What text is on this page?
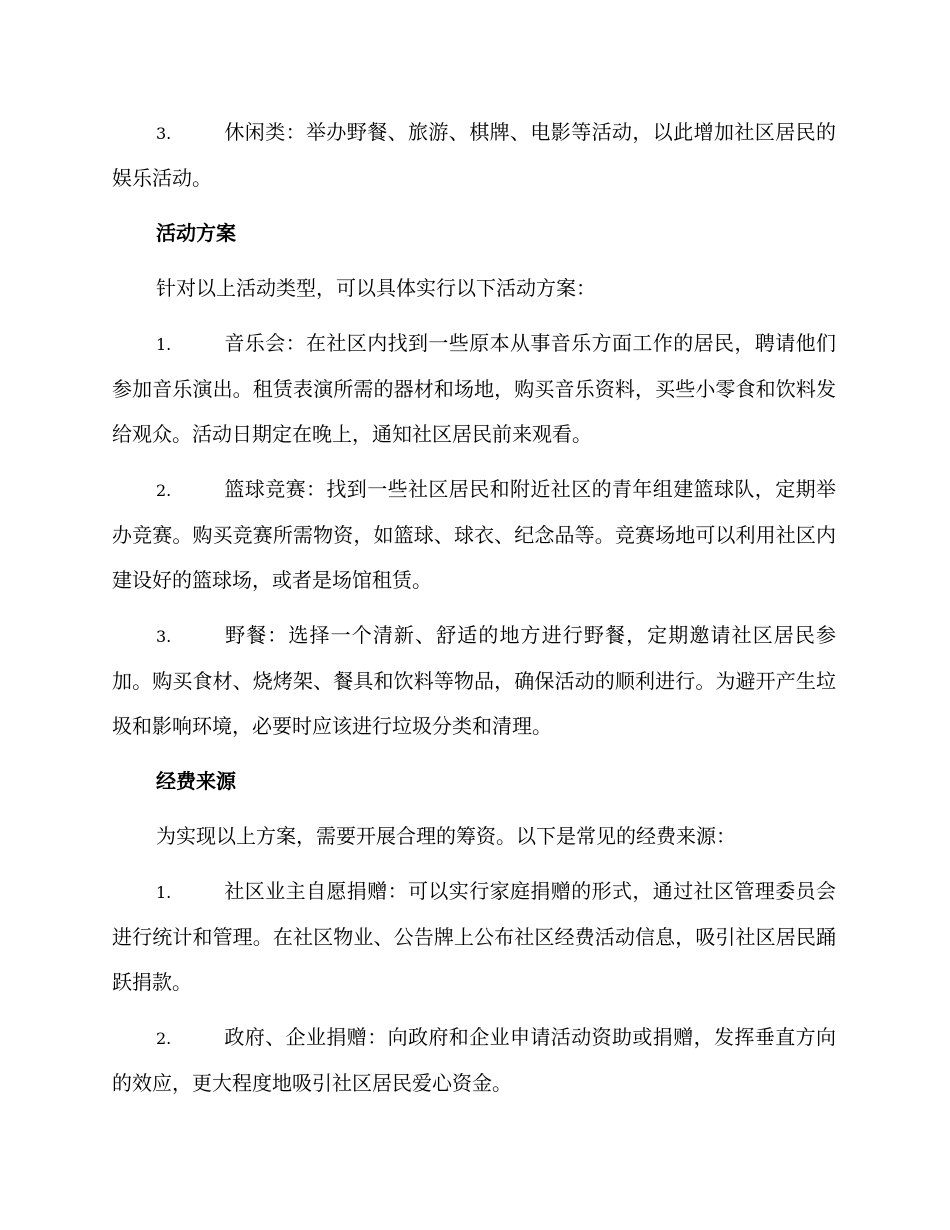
3.	休闲类：举办野餐、旅游、棋牌、电影等活动，以此增加社区居民的娱乐活动。
活动方案
针对以上活动类型，可以具体实行以下活动方案：
1.	音乐会：在社区内找到一些原本从事音乐方面工作的居民，聘请他们参加音乐演出。租赁表演所需的器材和场地，购买音乐资料，买些小零食和饮料发给观众。活动日期定在晚上，通知社区居民前来观看。
2.	篮球竞赛：找到一些社区居民和附近社区的青年组建篮球队，定期举办竞赛。购买竞赛所需物资，如篮球、球衣、纪念品等。竞赛场地可以利用社区内建设好的篮球场，或者是场馆租赁。
3.	野餐：选择一个清新、舒适的地方进行野餐，定期邀请社区居民参加。购买食材、烧烤架、餐具和饮料等物品，确保活动的顺利进行。为避开产生垃圾和影响环境，必要时应该进行垃圾分类和清理。
经费来源
为实现以上方案，需要开展合理的筹资。以下是常见的经费来源：
1.	社区业主自愿捐赠：可以实行家庭捐赠的形式，通过社区管理委员会进行统计和管理。在社区物业、公告牌上公布社区经费活动信息，吸引社区居民踊跃捐款。
2.	政府、企业捐赠：向政府和企业申请活动资助或捐赠，发挥垂直方向的效应，更大程度地吸引社区居民爱心资金。
